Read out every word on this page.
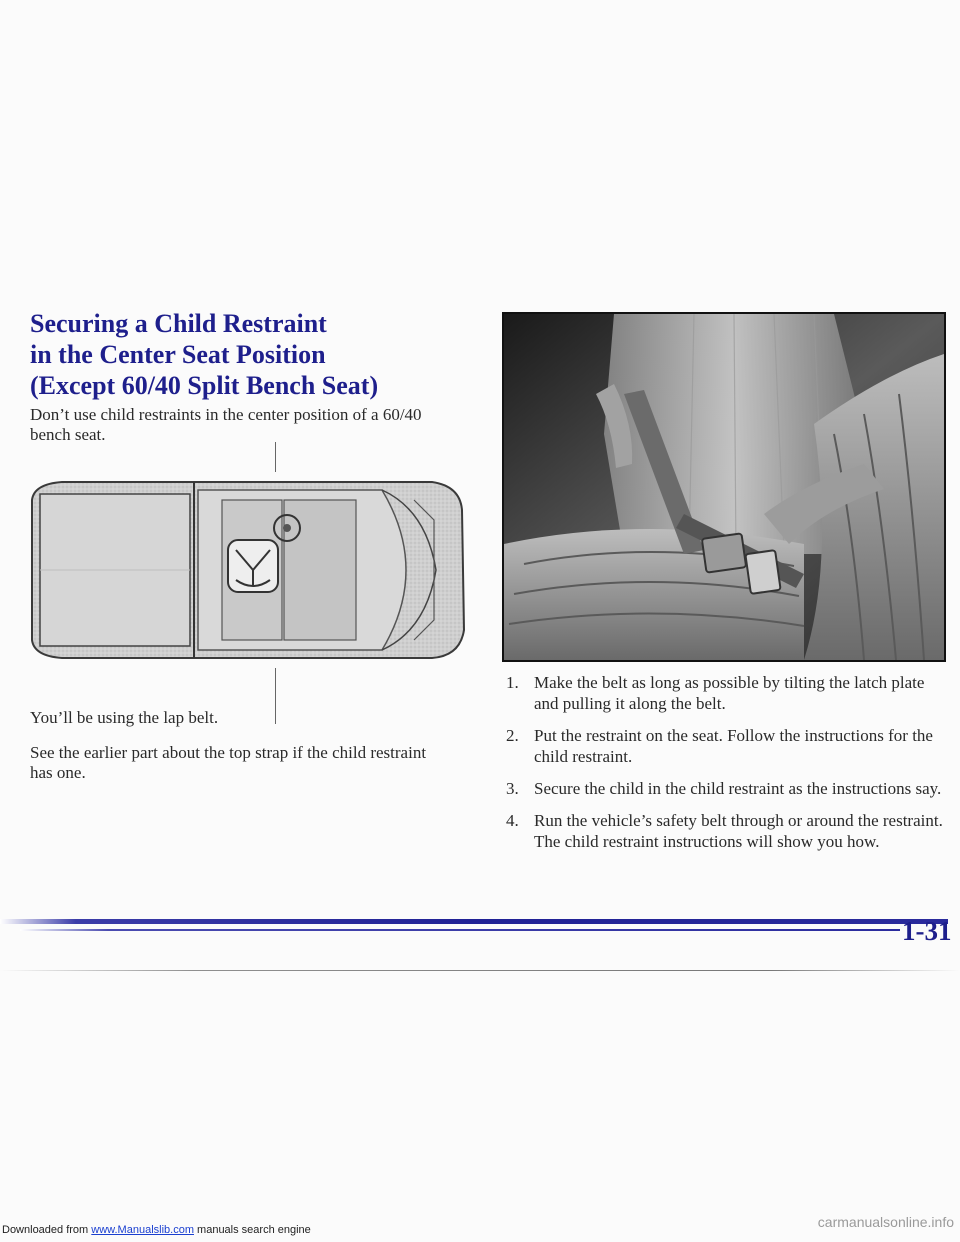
Securing a Child Restraint
in the Center Seat Position
(Except 60/40 Split Bench Seat)

Don’t use child restraints in the center position of a 60/40 bench seat.

You’ll be using the lap belt.

See the earlier part about the top strap if the child restraint has one.

1. Make the belt as long as possible by tilting the latch plate and pulling it along the belt.
2. Put the restraint on the seat. Follow the instructions for the child restraint.
3. Secure the child in the child restraint as the instructions say.
4. Run the vehicle’s safety belt through or around the restraint. The child restraint instructions will show you how.

1-31

Downloaded from www.Manualslib.com manuals search engine	carmanualsonline.info
